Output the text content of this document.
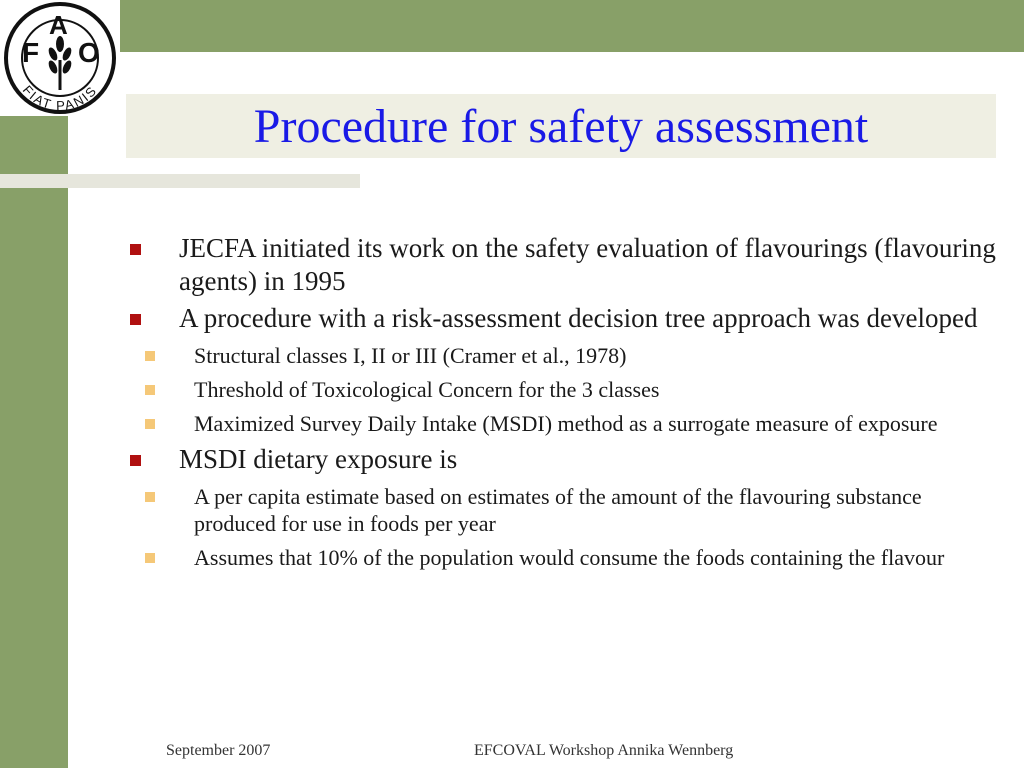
F
A
O
FIAT PANIS
Procedure for safety assessment
JECFA initiated its work on the safety evaluation of flavourings (flavouring agents) in 1995
A procedure with a risk-assessment decision tree approach was developed
Structural classes I, II or III (Cramer et al., 1978)
Threshold of Toxicological Concern for the 3 classes
Maximized Survey Daily Intake (MSDI) method as a surrogate measure of exposure
MSDI dietary exposure is
A per capita estimate based on estimates of the amount of the flavouring substance produced for use in foods per year
Assumes that 10% of the population would consume the foods containing the flavour
September 2007	EFCOVAL Workshop Annika Wennberg
